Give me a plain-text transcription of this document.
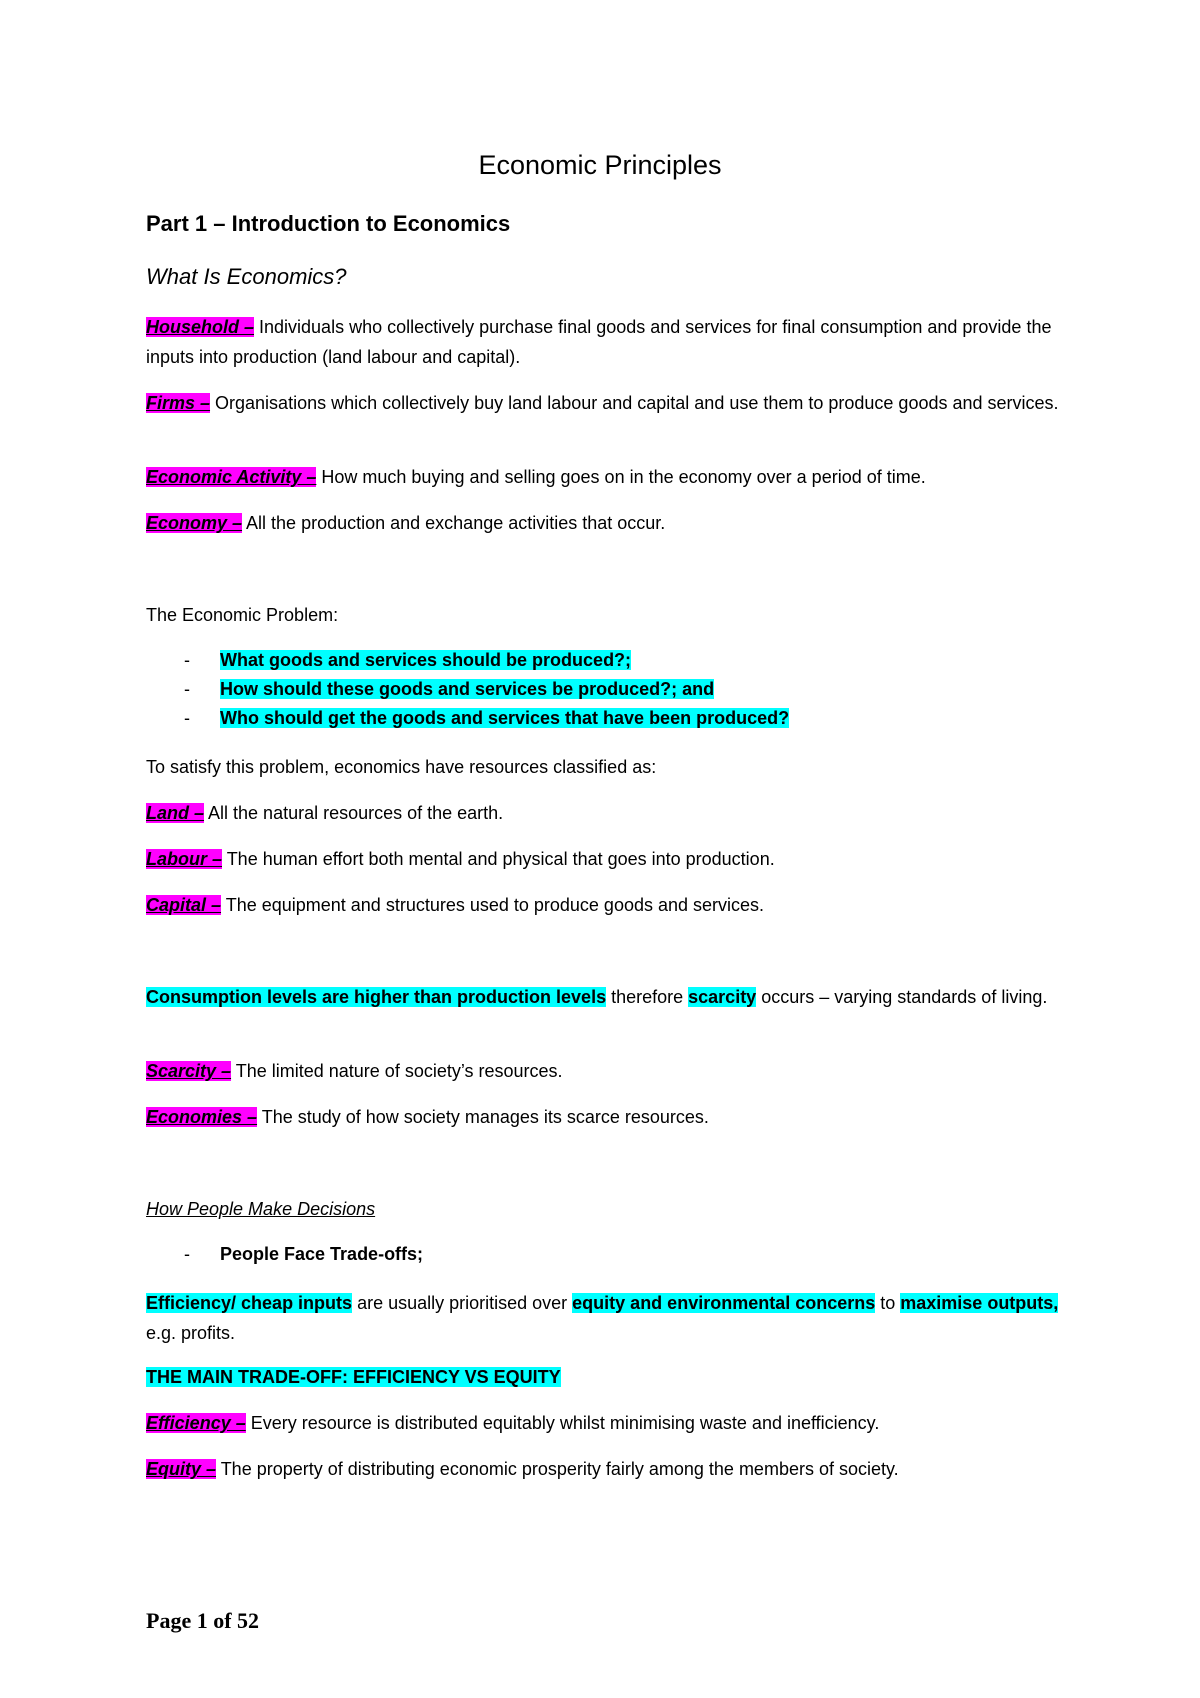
Economic Principles
Part 1 – Introduction to Economics
What Is Economics?
Household – Individuals who collectively purchase final goods and services for final consumption and provide the inputs into production (land labour and capital).
Firms – Organisations which collectively buy land labour and capital and use them to produce goods and services.
Economic Activity – How much buying and selling goes on in the economy over a period of time.
Economy – All the production and exchange activities that occur.
The Economic Problem:
- What goods and services should be produced?;
- How should these goods and services be produced?; and
- Who should get the goods and services that have been produced?
To satisfy this problem, economics have resources classified as:
Land – All the natural resources of the earth.
Labour – The human effort both mental and physical that goes into production.
Capital – The equipment and structures used to produce goods and services.
Consumption levels are higher than production levels therefore scarcity occurs – varying standards of living.
Scarcity – The limited nature of society’s resources.
Economies – The study of how society manages its scarce resources.
How People Make Decisions
- People Face Trade-offs;
Efficiency/ cheap inputs are usually prioritised over equity and environmental concerns to maximise outputs, e.g. profits.
THE MAIN TRADE-OFF: EFFICIENCY VS EQUITY
Efficiency – Every resource is distributed equitably whilst minimising waste and inefficiency.
Equity – The property of distributing economic prosperity fairly among the members of society.
Page 1 of 52
